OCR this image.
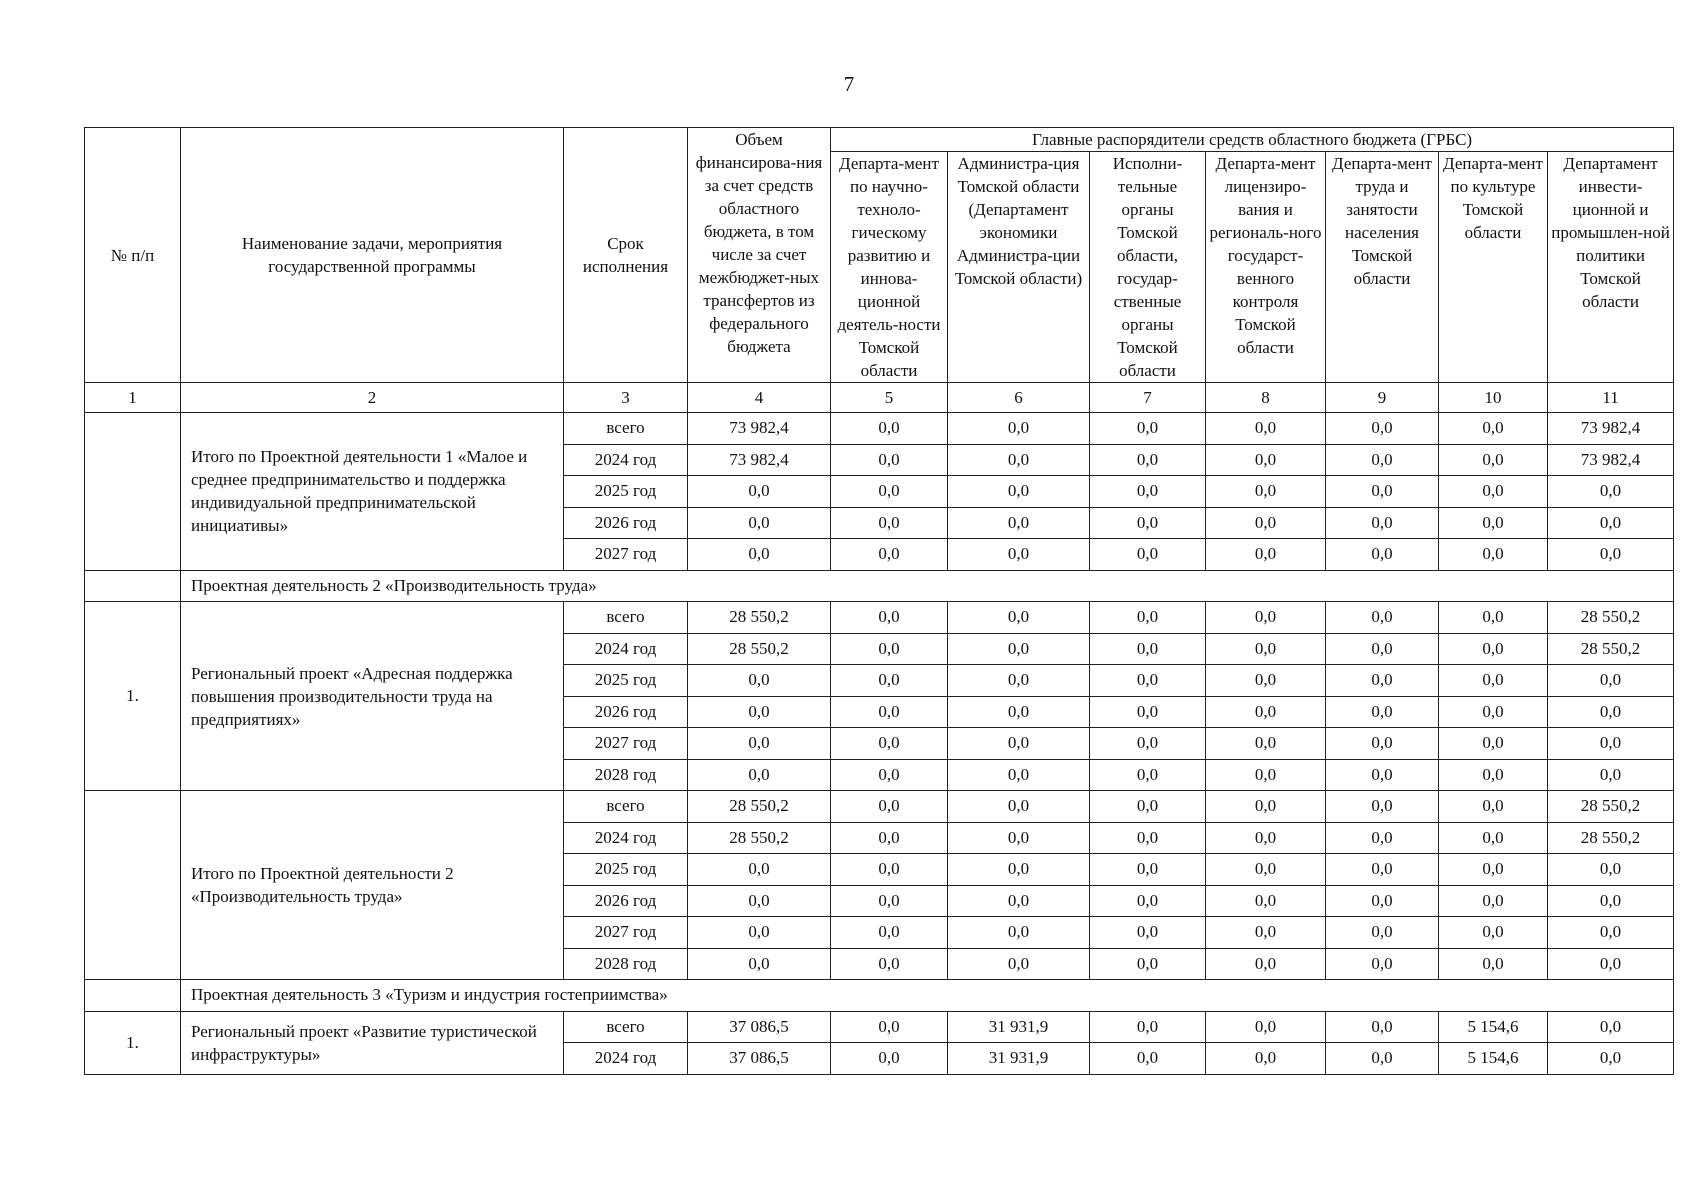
7
№ п/п	Наименование задачи, мероприятия государственной программы	Срок исполнения	Объем финансирова-ния за счет средств областного бюджета, в том числе за счет межбюджет-ных трансфертов из федерального бюджета	Главные распорядители средств областного бюджета (ГРБС)						
				Департа-мент по научно-техноло-гическому развитию и иннова-ционной деятель-ности Томской области	Администра-ция Томской области (Департамент экономики Администра-ции Томской области)	Исполни-тельные органы Томской области, государ-ственные органы Томской области	Департа-мент лицензиро-вания и региональ-ного государст-венного контроля Томской области	Департа-мент труда и занятости населения Томской области	Департа-мент по культуре Томской области	Департамент инвести-ционной и промышлен-ной политики Томской области
1	2	3	4	5	6	7	8	9	10	11
	Итого по Проектной деятельности 1 «Малое и среднее предпринимательство и поддержка индивидуальной предпринимательской инициативы»	всего	73 982,4	0,0	0,0	0,0	0,0	0,0	0,0	73 982,4
		2024 год	73 982,4	0,0	0,0	0,0	0,0	0,0	0,0	73 982,4
		2025 год	0,0	0,0	0,0	0,0	0,0	0,0	0,0	0,0
		2026 год	0,0	0,0	0,0	0,0	0,0	0,0	0,0	0,0
		2027 год	0,0	0,0	0,0	0,0	0,0	0,0	0,0	0,0
	Проектная деятельность 2 «Производительность труда»									
1.	Региональный проект «Адресная поддержка повышения производительности труда на предприятиях»	всего	28 550,2	0,0	0,0	0,0	0,0	0,0	0,0	28 550,2
		2024 год	28 550,2	0,0	0,0	0,0	0,0	0,0	0,0	28 550,2
		2025 год	0,0	0,0	0,0	0,0	0,0	0,0	0,0	0,0
		2026 год	0,0	0,0	0,0	0,0	0,0	0,0	0,0	0,0
		2027 год	0,0	0,0	0,0	0,0	0,0	0,0	0,0	0,0
		2028 год	0,0	0,0	0,0	0,0	0,0	0,0	0,0	0,0
	Итого по Проектной деятельности 2 «Производительность труда»	всего	28 550,2	0,0	0,0	0,0	0,0	0,0	0,0	28 550,2
		2024 год	28 550,2	0,0	0,0	0,0	0,0	0,0	0,0	28 550,2
		2025 год	0,0	0,0	0,0	0,0	0,0	0,0	0,0	0,0
		2026 год	0,0	0,0	0,0	0,0	0,0	0,0	0,0	0,0
		2027 год	0,0	0,0	0,0	0,0	0,0	0,0	0,0	0,0
		2028 год	0,0	0,0	0,0	0,0	0,0	0,0	0,0	0,0
	Проектная деятельность 3 «Туризм и индустрия гостеприимства»									
1.	Региональный проект «Развитие туристической инфраструктуры»	всего	37 086,5	0,0	31 931,9	0,0	0,0	0,0	5 154,6	0,0
		2024 год	37 086,5	0,0	31 931,9	0,0	0,0	0,0	5 154,6	0,0
